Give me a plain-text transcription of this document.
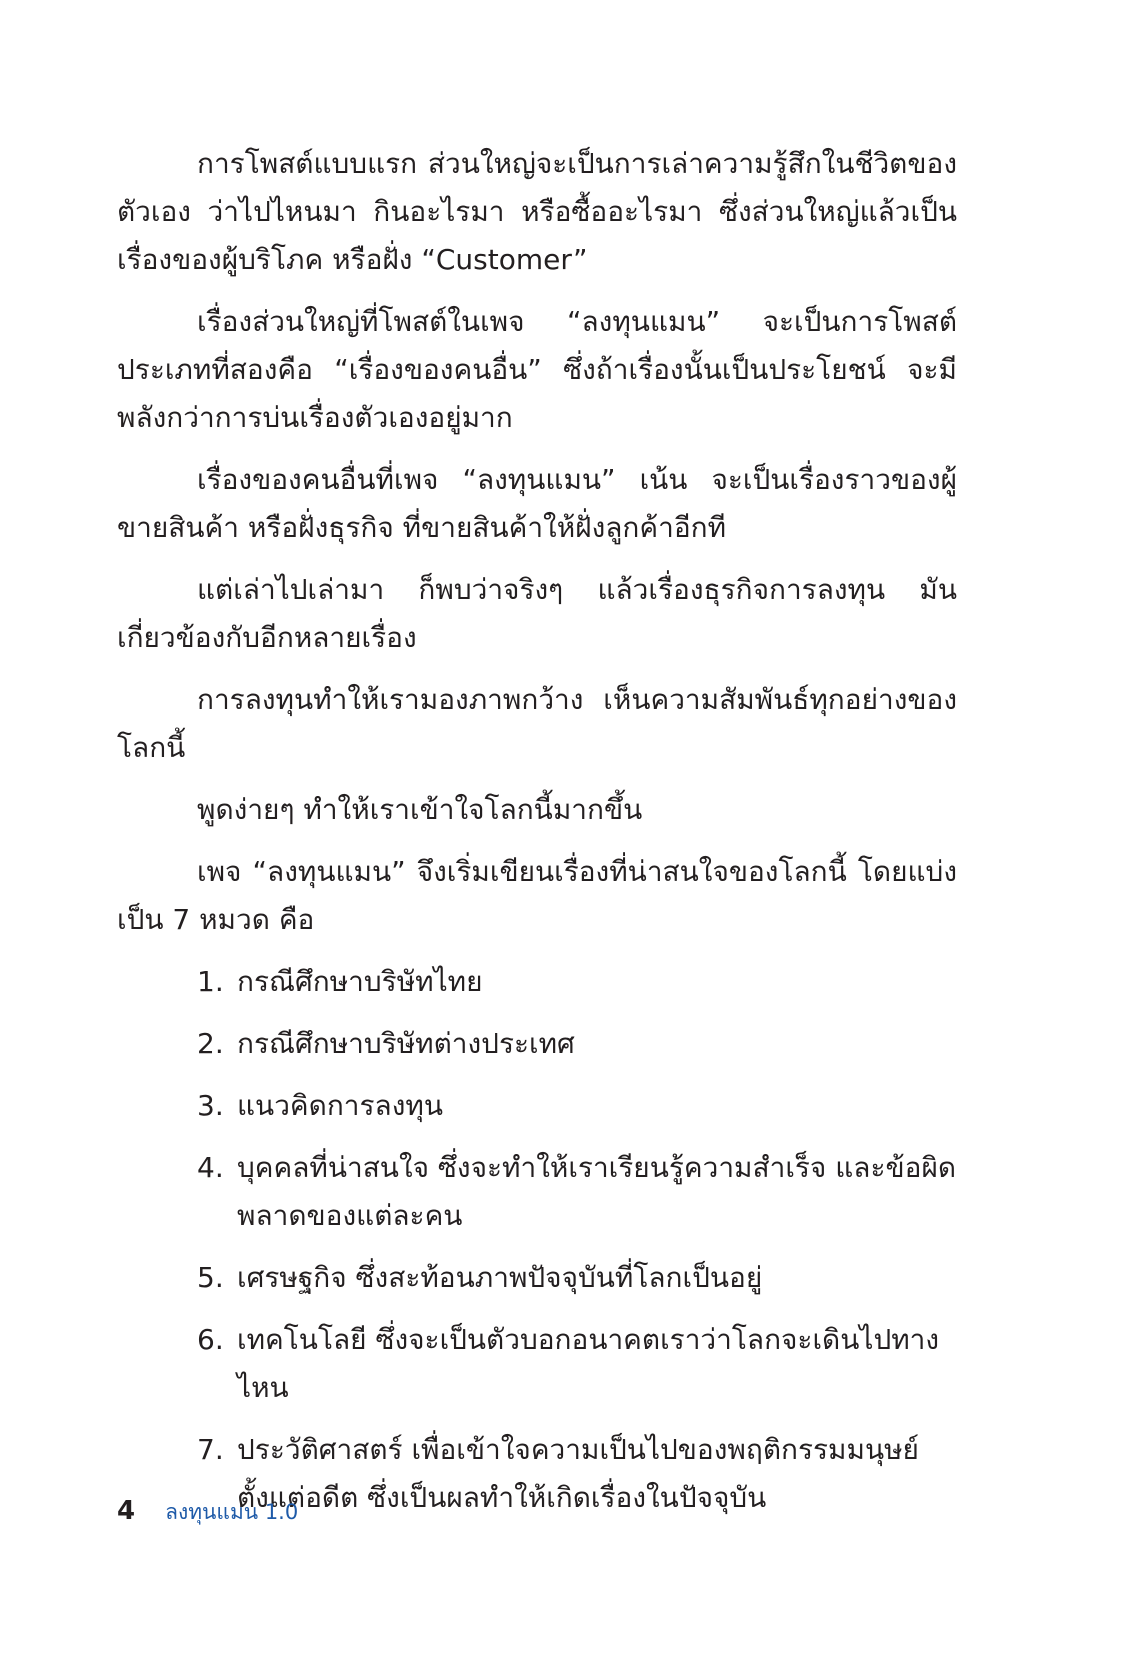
การโพสต์แบบแรก ส่วนใหญ่จะเป็นการเล่าความรู้สึกในชีวิตของตัวเอง ว่าไปไหนมา กินอะไรมา หรือซื้ออะไรมา ซึ่งส่วนใหญ่แล้วเป็นเรื่องของผู้บริโภค หรือฝั่ง “Customer”

เรื่องส่วนใหญ่ที่โพสต์ในเพจ “ลงทุนแมน” จะเป็นการโพสต์ประเภทที่สองคือ “เรื่องของคนอื่น” ซึ่งถ้าเรื่องนั้นเป็นประโยชน์ จะมีพลังกว่าการบ่นเรื่องตัวเองอยู่มาก

เรื่องของคนอื่นที่เพจ “ลงทุนแมน” เน้น จะเป็นเรื่องราวของผู้ขายสินค้า หรือฝั่งธุรกิจ ที่ขายสินค้าให้ฝั่งลูกค้าอีกที

แต่เล่าไปเล่ามา ก็พบว่าจริงๆ แล้วเรื่องธุรกิจการลงทุน มันเกี่ยวข้องกับอีกหลายเรื่อง

การลงทุนทำให้เรามองภาพกว้าง เห็นความสัมพันธ์ทุกอย่างของโลกนี้

พูดง่ายๆ ทำให้เราเข้าใจโลกนี้มากขึ้น

เพจ “ลงทุนแมน” จึงเริ่มเขียนเรื่องที่น่าสนใจของโลกนี้ โดยแบ่งเป็น 7 หมวด คือ

1. กรณีศึกษาบริษัทไทย
2. กรณีศึกษาบริษัทต่างประเทศ
3. แนวคิดการลงทุน
4. บุคคลที่น่าสนใจ ซึ่งจะทำให้เราเรียนรู้ความสำเร็จ และข้อผิดพลาดของแต่ละคน
5. เศรษฐกิจ ซึ่งสะท้อนภาพปัจจุบันที่โลกเป็นอยู่
6. เทคโนโลยี ซึ่งจะเป็นตัวบอกอนาคตเราว่าโลกจะเดินไปทางไหน
7. ประวัติศาสตร์ เพื่อเข้าใจความเป็นไปของพฤติกรรมมนุษย์ตั้งแต่อดีต ซึ่งเป็นผลทำให้เกิดเรื่องในปัจจุบัน
4 ลงทุนแมน 1.0
